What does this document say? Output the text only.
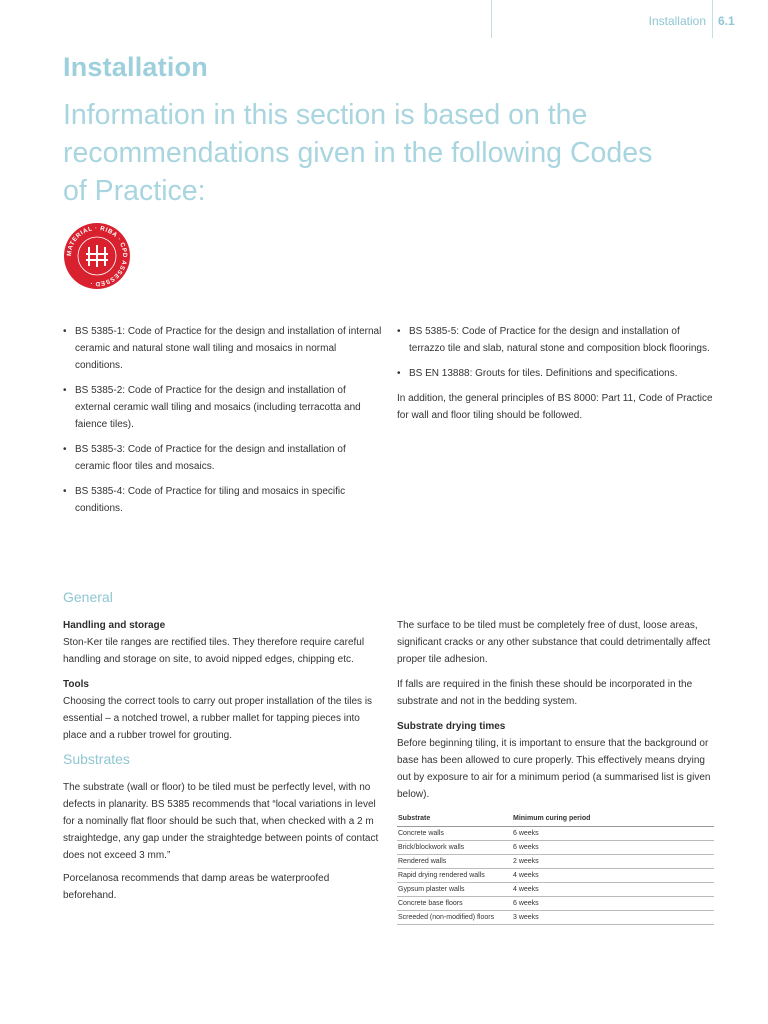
Installation 6.1
Installation
Information in this section is based on the recommendations given in the following Codes of Practice:
MATERIAL · RIBA · CPD ASSESSED ·
• BS 5385-1: Code of Practice for the design and installation of internal ceramic and natural stone wall tiling and mosaics in normal conditions.
• BS 5385-2: Code of Practice for the design and installation of external ceramic wall tiling and mosaics (including terracotta and faience tiles).
• BS 5385-3: Code of Practice for the design and installation of ceramic floor tiles and mosaics.
• BS 5385-4: Code of Practice for tiling and mosaics in specific conditions.
• BS 5385-5: Code of Practice for the design and installation of terrazzo tile and slab, natural stone and composition block floorings.
• BS EN 13888: Grouts for tiles. Definitions and specifications.

In addition, the general principles of BS 8000: Part 11, Code of Practice for wall and floor tiling should be followed.

General
Handling and storage

Ston-Ker tile ranges are rectified tiles. They therefore require careful handling and storage on site, to avoid nipped edges, chipping etc.

Tools

Choosing the correct tools to carry out proper installation of the tiles is essential – a notched trowel, a rubber mallet for tapping pieces into place and a rubber trowel for grouting.

Substrates

The substrate (wall or floor) to be tiled must be perfectly level, with no defects in planarity. BS 5385 recommends that “local variations in level for a nominally flat floor should be such that, when checked with a 2 m straightedge, any gap under the straightedge between points of contact does not exceed 3 mm.”

Porcelanosa recommends that damp areas be waterproofed beforehand.

The surface to be tiled must be completely free of dust, loose areas, significant cracks or any other substance that could detrimentally affect proper tile adhesion.

If falls are required in the finish these should be incorporated in the substrate and not in the bedding system.

Substrate drying times

Before beginning tiling, it is important to ensure that the background or base has been allowed to cure properly. This effectively means drying out by exposure to air for a minimum period (a summarised list is given below).

Substrate	Minimum curing period
Concrete walls	6 weeks
Brick/blockwork walls	6 weeks
Rendered walls	2 weeks
Rapid drying rendered walls	4 weeks
Gypsum plaster walls	4 weeks
Concrete base floors	6 weeks
Screeded (non-modified) floors	3 weeks
